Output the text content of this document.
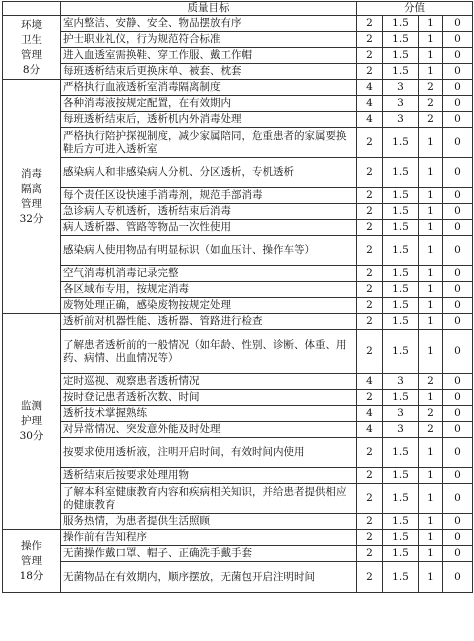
	质量目标	分值			

环境
卫生
管理
8分	室内整洁、安静、安全、物品摆放有序	2	1.5	1	0
	护士职业礼仪，行为规范符合标准	2	1.5	1	0
	进入血透室需换鞋、穿工作服、戴工作帽	2	1.5	1	0
	每班透析结束后更换床单、被套、枕套	2	1.5	1	0

消毒
隔离
管理
32分	严格执行血液透析室消毒隔离制度	4	3	2	0
	各种消毒液按规定配置，在有效期内	4	3	2	0
	每班透析结束后，透析机内外消毒处理	4	3	2	0
	严格执行陪护探视制度，减少家属陪同，危重患者的家属要换鞋后方可进入透析室	2	1.5	1	0
	感染病人和非感染病人分机、分区透析，专机透析	2	1.5	1	0
	每个责任区设快速手消毒剂，规范手部消毒	2	1.5	1	0
	急诊病人专机透析，透析结束后消毒	2	1.5	1	0
	病人透析器、管路等物品一次性使用	2	1.5	1	0
	感染病人使用物品有明显标识（如血压计、操作车等）	2	1.5	1	0
	空气消毒机消毒记录完整	2	1.5	1	0
	各区域布专用，按规定消毒	2	1.5	1	0
	废物处理正确，感染废物按规定处理	2	1.5	1	0

监测
护理
30分	透析前对机器性能、透析器、管路进行检查	2	1.5	1	0
	了解患者透析前的一般情况（如年龄、性别、诊断、体重、用药、病情、出血情况等）	2	1.5	1	0
	定时巡视、观察患者透析情况	4	3	2	0
	按时登记患者透析次数、时间	2	1.5	1	0
	透析技术掌握熟练	4	3	2	0
	对异常情况、突发意外能及时处理	4	3	2	0
	按要求使用透析液，注明开启时间，有效时间内使用	2	1.5	1	0
	透析结束后按要求处理用物	2	1.5	1	0
	了解本科室健康教育内容和疾病相关知识，并给患者提供相应的健康教育	2	1.5	1	0
	服务热情，为患者提供生活照顾	2	1.5	1	0

操作
管理
18分	操作前有告知程序	2	1.5	1	0
	无菌操作戴口罩、帽子、正确洗手戴手套	2	1.5	1	0
	无菌物品在有效期内，顺序摆放，无菌包开启注明时间	2	1.5	1	0
